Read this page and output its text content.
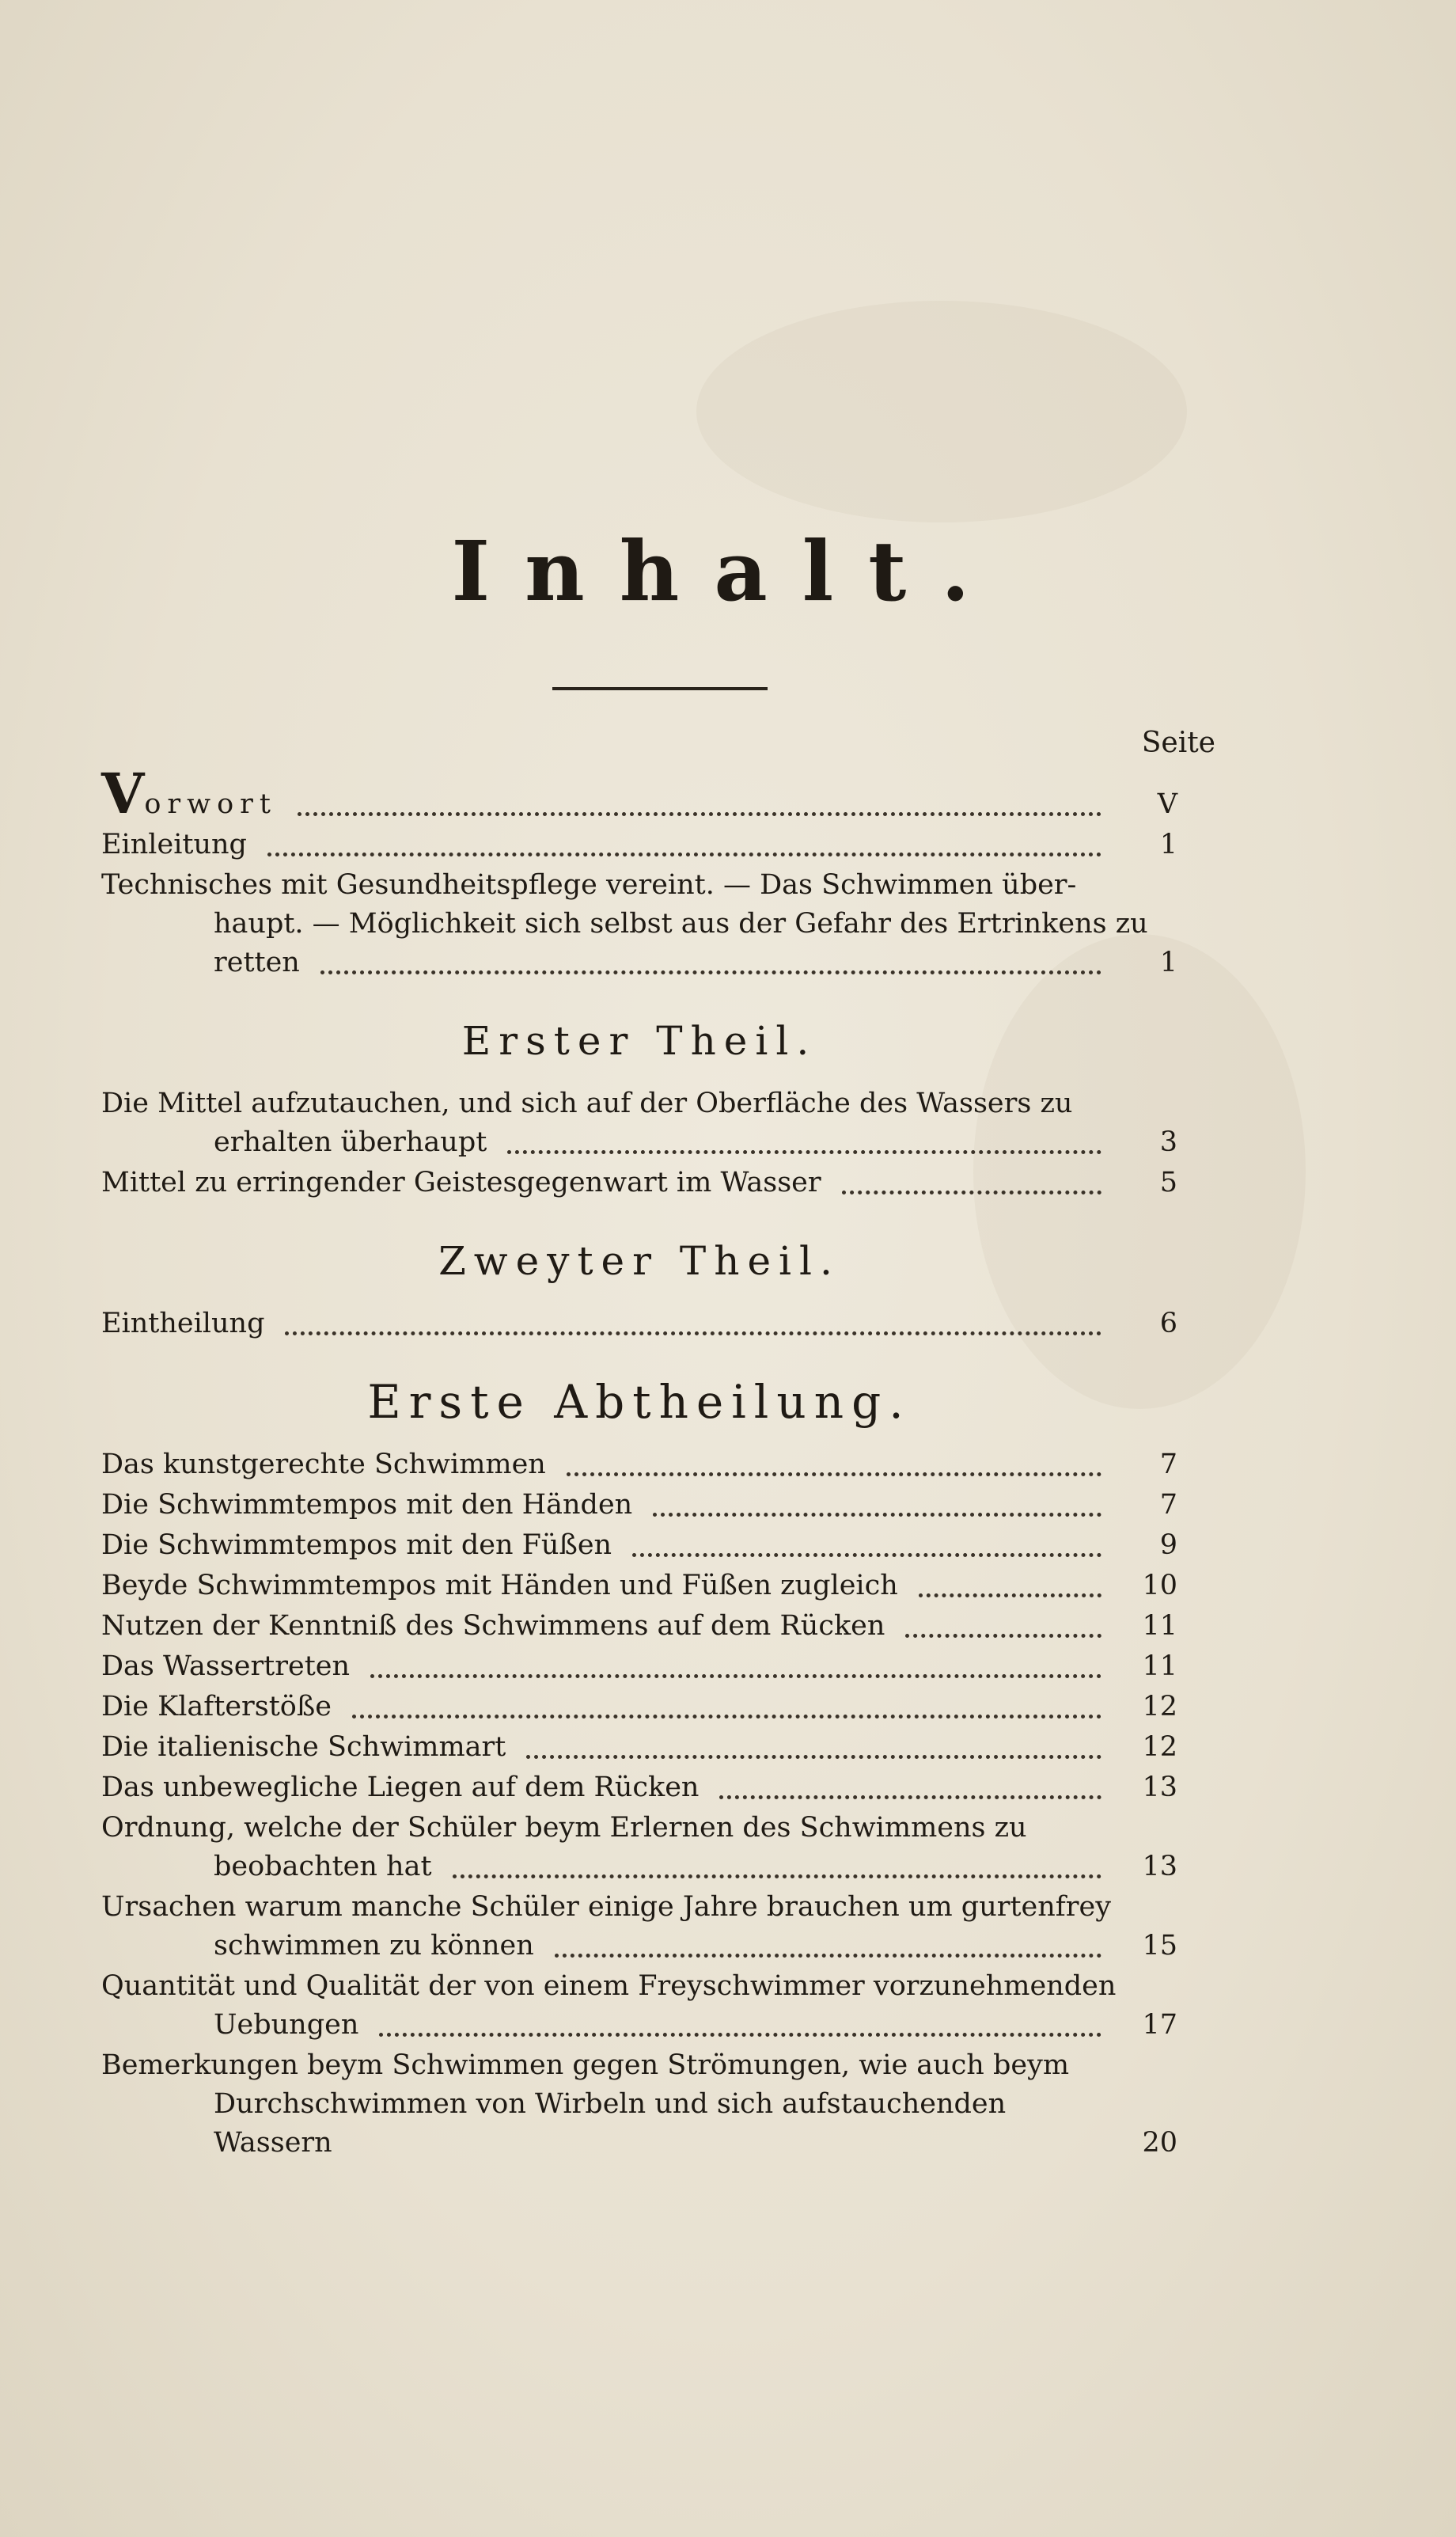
Inhalt.
Seite
Vorwort	V
Einleitung	1
Technisches mit Gesundheitspflege vereint. — Das Schwimmen über-
haupt. — Möglichkeit sich selbst aus der Gefahr des Ertrinkens zu
retten	1
Erster Theil.
Die Mittel aufzutauchen, und sich auf der Oberfläche des Wassers zu
erhalten überhaupt	3
Mittel zu erringender Geistesgegenwart im Wasser	5
Zweyter Theil.
Eintheilung	6
Erste Abtheilung.
Das kunstgerechte Schwimmen	7
Die Schwimmtempos mit den Händen	7
Die Schwimmtempos mit den Füßen	9
Beyde Schwimmtempos mit Händen und Füßen zugleich	10
Nutzen der Kenntniß des Schwimmens auf dem Rücken	11
Das Wassertreten	11
Die Klafterstöße	12
Die italienische Schwimmart	12
Das unbewegliche Liegen auf dem Rücken	13
Ordnung, welche der Schüler beym Erlernen des Schwimmens zu
beobachten hat	13
Ursachen warum manche Schüler einige Jahre brauchen um gurtenfrey
schwimmen zu können	15
Quantität und Qualität der von einem Freyschwimmer vorzunehmenden
Uebungen	17
Bemerkungen beym Schwimmen gegen Strömungen, wie auch beym
Durchschwimmen von Wirbeln und sich aufstauchenden Wassern	20
